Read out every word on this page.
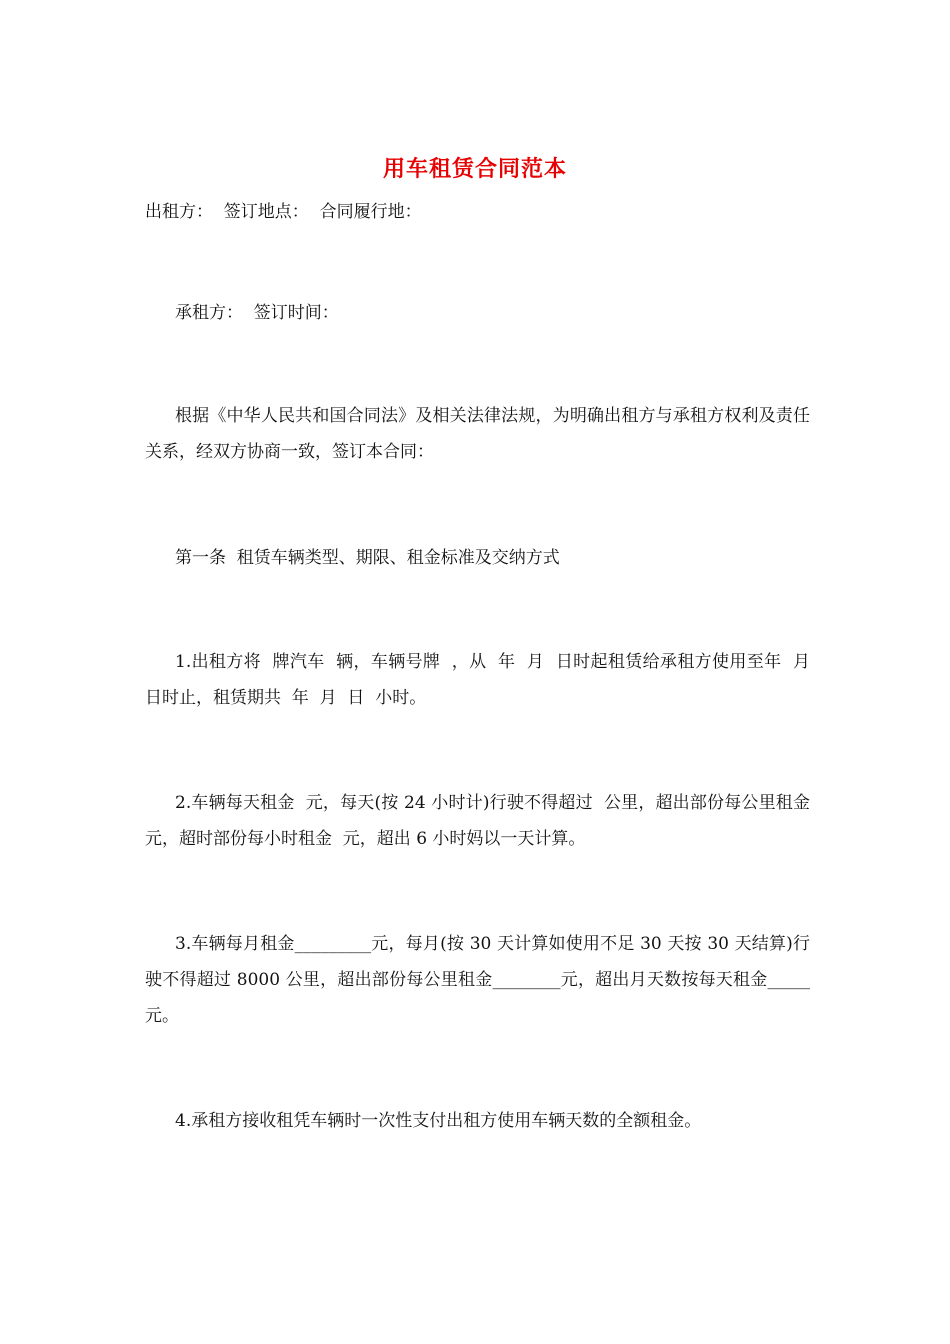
用车租赁合同范本

出租方：  签订地点：  合同履行地：

承租方：  签订时间：

根据《中华人民共和国合同法》及相关法律法规，为明确出租方与承租方权利及责任关系，经双方协商一致，签订本合同：

第一条  租赁车辆类型、期限、租金标准及交纳方式

1.出租方将  牌汽车  辆，车辆号牌  ，从  年  月  日时起租赁给承租方使用至年  月  日时止，租赁期共  年  月  日  小时。

2.车辆每天租金  元，每天(按 24 小时计)行驶不得超过  公里，超出部份每公里租金  元，超时部份每小时租金  元，超出 6 小时妈以一天计算。

3.车辆每月租金_________元，每月(按 30 天计算如使用不足 30 天按 30 天结算)行驶不得超过 8000 公里，超出部份每公里租金________元，超出月天数按每天租金_____元。

4.承租方接收租凭车辆时一次性支付出租方使用车辆天数的全额租金。
